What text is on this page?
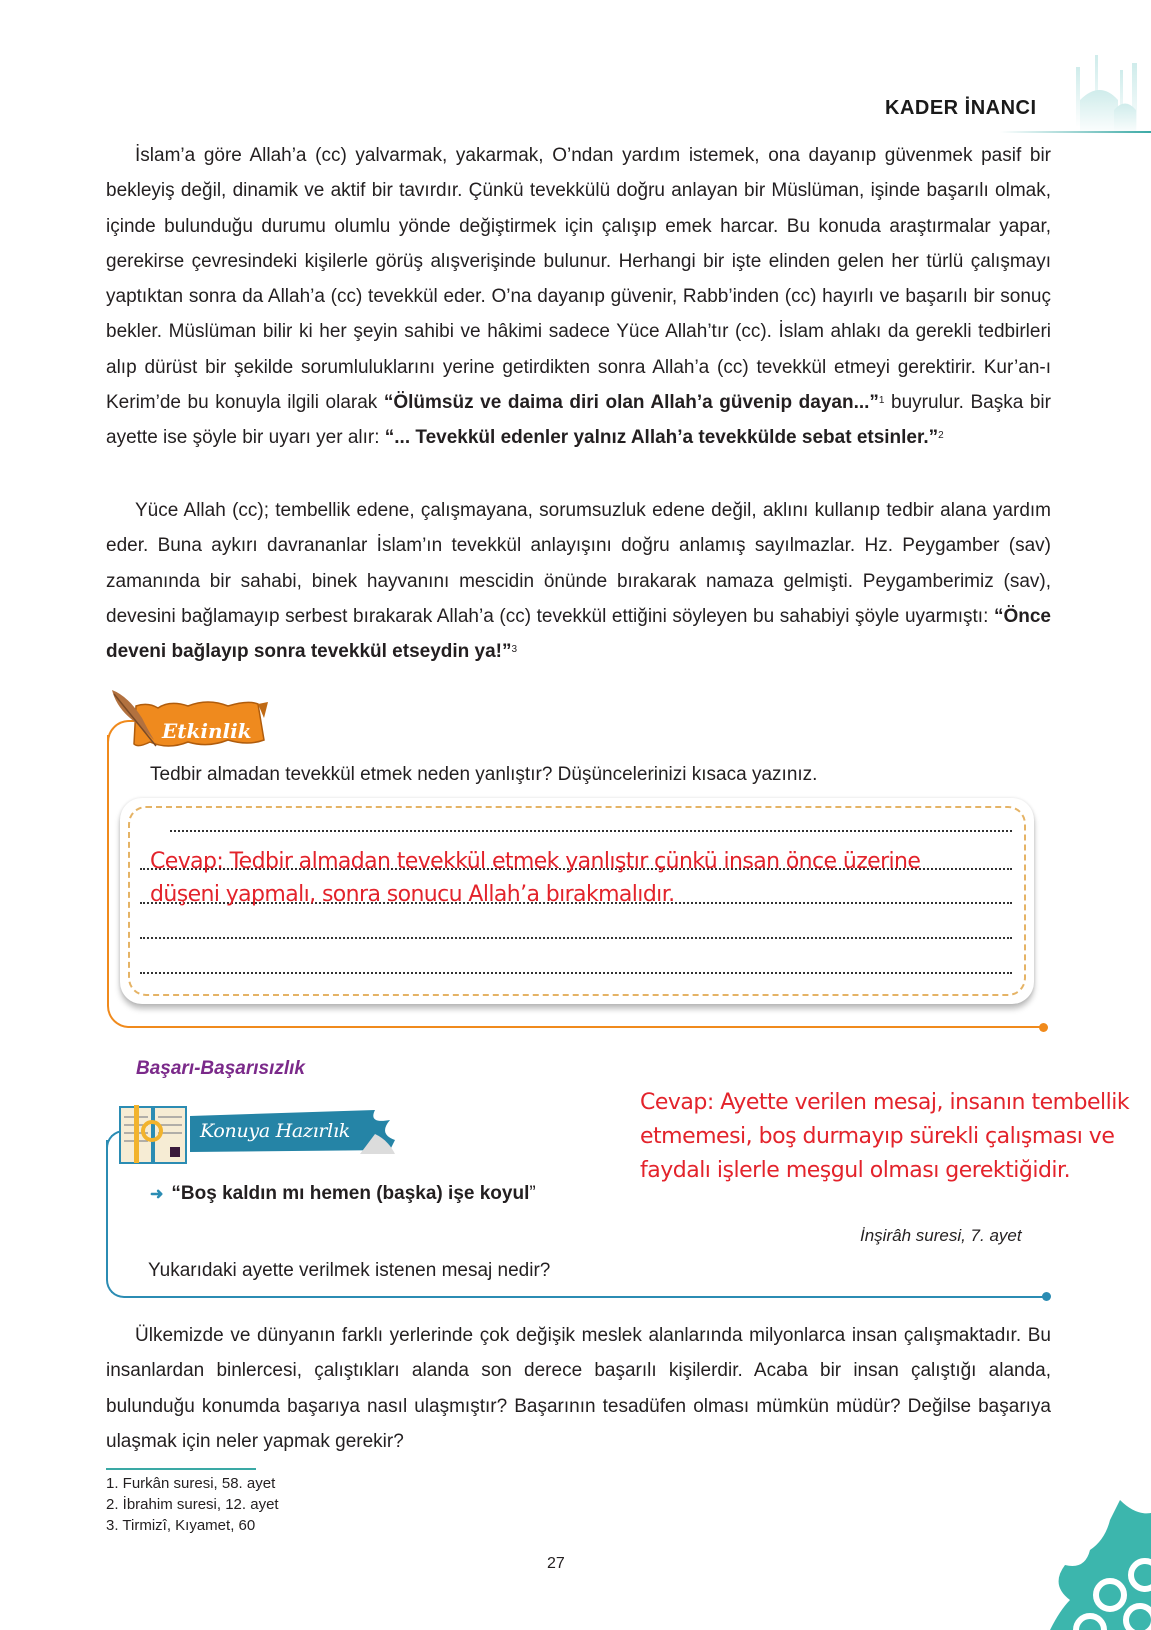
KADER İNANCI

İslam’a göre Allah’a (cc) yalvarmak, yakarmak, O’ndan yardım istemek, ona dayanıp güvenmek pasif bir bekleyiş değil, dinamik ve aktif bir tavırdır. Çünkü tevekkülü doğru anlayan bir Müslüman, işinde başarılı olmak, içinde bulunduğu durumu olumlu yönde değiştirmek için çalışıp emek harcar. Bu konuda araştırmalar yapar, gerekirse çevresindeki kişilerle görüş alışverişinde bulunur. Herhangi bir işte elinden gelen her türlü çalışmayı yaptıktan sonra da Allah’a (cc) tevekkül eder. O’na dayanıp güvenir, Rabb’inden (cc) hayırlı ve başarılı bir sonuç bekler. Müslüman bilir ki her şeyin sahibi ve hâkimi sadece Yüce Allah’tır (cc). İslam ahlakı da gerekli tedbirleri alıp dürüst bir şekilde sorumluluklarını yerine getirdikten sonra Allah’a (cc) tevekkül etmeyi gerektirir. Kur’an-ı Kerim’de bu konuyla ilgili olarak “Ölümsüz ve daima diri olan Allah’a güvenip dayan...”$^1$ buyrulur. Başka bir ayette ise şöyle bir uyarı yer alır: “... Tevekkül edenler yalnız Allah’a tevekkülde sebat etsinler.”$^2$

Yüce Allah (cc); tembellik edene, çalışmayana, sorumsuzluk edene değil, aklını kullanıp tedbir alana yardım eder. Buna aykırı davrananlar İslam’ın tevekkül anlayışını doğru anlamış sayılmazlar. Hz. Peygamber (sav) zamanında bir sahabi, binek hayvanını mescidin önünde bırakarak namaza gelmişti. Peygamberimiz (sav), devesini bağlamayıp serbest bırakarak Allah’a (cc) tevekkül ettiğini söyleyen bu sahabiyi şöyle uyarmıştı: “Önce deveni bağlayıp sonra tevekkül etseydin ya!”$^3$

Etkinlik
Tedbir almadan tevekkül etmek neden yanlıştır? Düşüncelerinizi kısaca yazınız.
Cevap: Tedbir almadan tevekkül etmek yanlıştır çünkü insan önce üzerine düşeni yapmalı, sonra sonucu Allah’a bırakmalıdır.
Başarı-Başarısızlık
Konuya Hazırlık
➜ “Boş kaldın mı hemen (başka) işe koyul”
İnşirâh suresi, 7. ayet
Yukarıdaki ayette verilmek istenen mesaj nedir?
Cevap: Ayette verilen mesaj, insanın tembellik etmemesi, boş durmayıp sürekli çalışması ve faydalı işlerle meşgul olması gerektiğidir.

Ülkemizde ve dünyanın farklı yerlerinde çok değişik meslek alanlarında milyonlarca insan çalışmaktadır. Bu insanlardan binlercesi, çalıştıkları alanda son derece başarılı kişilerdir. Acaba bir insan çalıştığı alanda, bulunduğu konumda başarıya nasıl ulaşmıştır? Başarının tesadüfen olması mümkün müdür? Değilse başarıya ulaşmak için neler yapmak gerekir?

1. Furkân suresi, 58. ayet
2. İbrahim suresi, 12. ayet
3. Tirmizî, Kıyamet, 60
27
